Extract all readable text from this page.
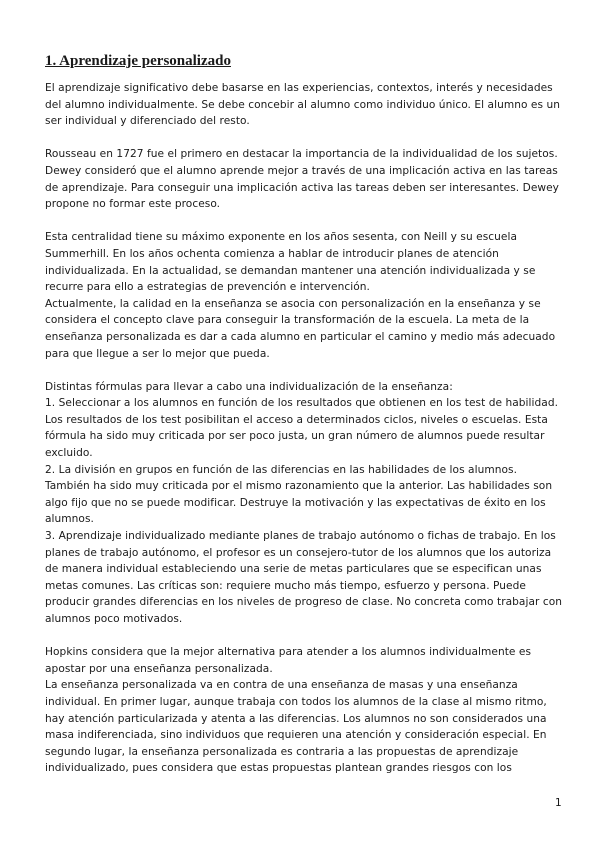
1. Aprendizaje personalizado

El aprendizaje significativo debe basarse en las experiencias, contextos, interés y necesidades del alumno individualmente. Se debe concebir al alumno como individuo único. El alumno es un ser individual y diferenciado del resto.

Rousseau en 1727 fue el primero en destacar la importancia de la individualidad de los sujetos. Dewey consideró que el alumno aprende mejor a través de una implicación activa en las tareas de aprendizaje. Para conseguir una implicación activa las tareas deben ser interesantes. Dewey propone no formar este proceso.

Esta centralidad tiene su máximo exponente en los años sesenta, con Neill y su escuela Summerhill. En los años ochenta comienza a hablar de introducir planes de atención individualizada. En la actualidad, se demandan mantener una atención individualizada y se recurre para ello a estrategias de prevención e intervención.

Actualmente, la calidad en la enseñanza se asocia con personalización en la enseñanza y se considera el concepto clave para conseguir la transformación de la escuela. La meta de la enseñanza personalizada es dar a cada alumno en particular el camino y medio más adecuado para que llegue a ser lo mejor que pueda.

Distintas fórmulas para llevar a cabo una individualización de la enseñanza:

1. Seleccionar a los alumnos en función de los resultados que obtienen en los test de habilidad. Los resultados de los test posibilitan el acceso a determinados ciclos, niveles o escuelas. Esta fórmula ha sido muy criticada por ser poco justa, un gran número de alumnos puede resultar excluido.

2. La división en grupos en función de las diferencias en las habilidades de los alumnos. También ha sido muy criticada por el mismo razonamiento que la anterior. Las habilidades son algo fijo que no se puede modificar. Destruye la motivación y las expectativas de éxito en los alumnos.

3. Aprendizaje individualizado mediante planes de trabajo autónomo o fichas de trabajo. En los planes de trabajo autónomo, el profesor es un consejero-tutor de los alumnos que los autoriza de manera individual estableciendo una serie de metas particulares que se especifican unas metas comunes. Las críticas son: requiere mucho más tiempo, esfuerzo y persona. Puede producir grandes diferencias en los niveles de progreso de clase. No concreta como trabajar con alumnos poco motivados.

Hopkins considera que la mejor alternativa para atender a los alumnos individualmente es apostar por una enseñanza personalizada.

La enseñanza personalizada va en contra de una enseñanza de masas y una enseñanza individual. En primer lugar, aunque trabaja con todos los alumnos de la clase al mismo ritmo, hay atención particularizada y atenta a las diferencias. Los alumnos no son considerados una masa indiferenciada, sino individuos que requieren una atención y consideración especial. En segundo lugar, la enseñanza personalizada es contraria a las propuestas de aprendizaje individualizado, pues considera que estas propuestas plantean grandes riesgos con los

1
